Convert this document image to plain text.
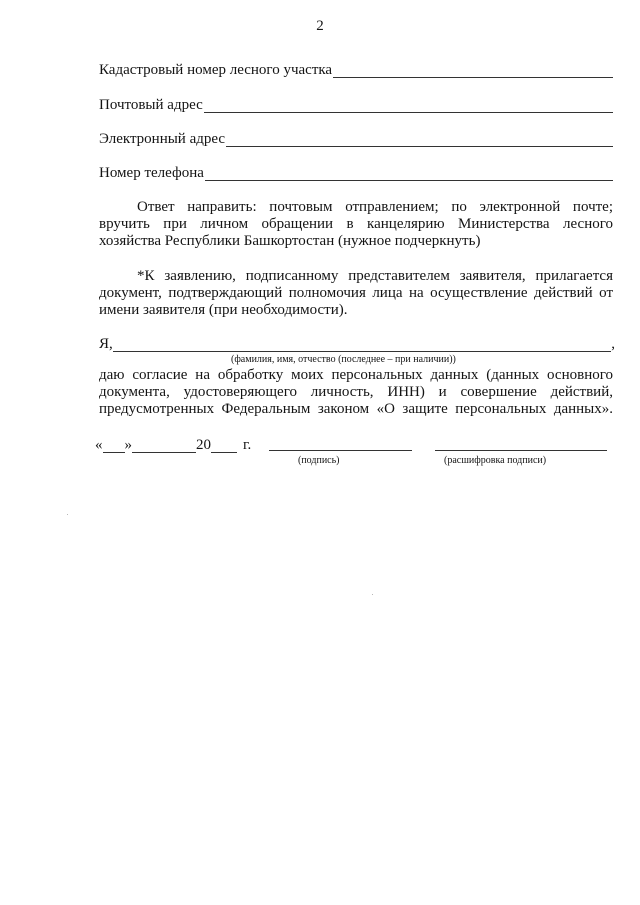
2
Кадастровый номер лесного участка
Почтовый адрес
Электронный адрес
Номер телефона
Ответ направить: почтовым отправлением; по электронной почте;
вручить при личном обращении в канцелярию Министерства лесного
хозяйства Республики Башкортостан (нужное подчеркнуть)
*К заявлению, подписанному представителем заявителя, прилагается
документ, подтверждающий полномочия лица на осуществление действий от
имени заявителя (при необходимости).
Я,	,
(фамилия, имя, отчество (последнее – при наличии))
даю согласие на обработку моих персональных данных (данных основного
документа, удостоверяющего личность, ИНН) и совершение действий,
предусмотренных Федеральным законом «О защите персональных данных».
« »	20 г.
(подпись)	(расшифровка подписи)
